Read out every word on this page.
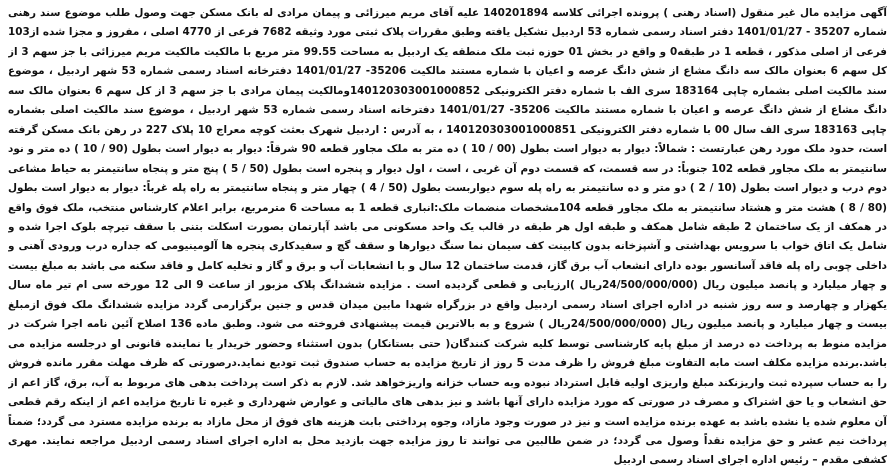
آگهی مزایده مال غیر منقول (اسناد رهنی ) پرونده اجرائی کلاسه 140201894 علیه آقای مریم میرزائی و پیمان مرادی له بانک مسکن جهت وصول طلب موضوع سند رهنی شماره 35207 - 1401/01/27 دفتر اسناد رسمی شماره 53 اردبیل تشکیل یافته وطبق مقررات پلاک ثبتی مورد وثیقه 7682 فرعی از 4770 اصلی ، مفروز و مجزا شده از103 فرعی از اصلی مذکور ، قطعه 1 در طبقه0 و واقع در بخش 01 حوزه ثبت ملک منطقه یک اردبیل به مساحت 99.55 متر مربع با مالکیت مالکیت مریم میرزائی با جز سهم 3 از کل سهم 6 بعنوان مالک سه دانگ مشاع از شش دانگ عرصه و اعیان با شماره مستند مالکیت 35206- 1401/01/27 دفترخانه اسناد رسمی شماره 53 شهر اردبیل ، موضوع سند مالکیت اصلی بشماره چاپی 183164 سری الف با شماره دفتر الکترونیکی 140120303001000852ومالکیت پیمان مرادی با جز سهم 3 از کل سهم 6 بعنوان مالک سه دانگ مشاع از شش دانگ عرصه و اعیان با شماره مستند مالکیت 35206- 1401/01/27 دفترخانه اسناد رسمی شماره 53 شهر اردبیل ، موضوع سند مالکیت اصلی بشماره چاپی 183163 سری الف سال 00 با شماره دفتر الکترونیکی 140120303001000851 ، به آدرس : اردبیل شهرک بعثت کوچه معراج 10 پلاک 227 در رهن بانک مسکن گرفته است، حدود ملک مورد رهن عبارتست : شمالاً: دیوار به دیوار است بطول (00 / 10 ) ده متر به ملک مجاور قطعه 90 شرقاً: دیوار به دیوار است بطول (90 / 10 ) ده متر و نود سانتیمتر به ملک مجاور قطعه 102 جنوباً: در سه قسمت، که قسمت دوم آن غربی ، است ، اول دیوار و پنجره است بطول (50 / 5 ) پنج متر و پنجاه سانتیمتر به حیاط مشاعی دوم درب و دیوار است بطول (10 / 2 ) دو متر و ده سانتیمتر به راه پله سوم دیواربست بطول (50 / 4 ) چهار متر و پنجاه سانتیمتر به راه پله غرباً: دیوار به دیوار است بطول (80 / 8 ) هشت متر و هشتاد سانتیمتر به ملک مجاور قطعه 104مشخصات منضمات ملک:انباری قطعه 1 به مساحت 6 مترمربع، برابر اعلام کارشناس منتخب، ملک فوق واقع در همکف از یک ساختمان 2 طبقه شامل همکف و طبقه اول هر طبقه در قالب یک واحد مسکونی می باشد آپارتمان بصورت اسکلت بتنی با سقف تیرچه بلوک اجرا شده و شامل یک اتاق خواب با سرویس بهداشتی و آشپزخانه بدون کابینت کف سیمان نما سنگ دیوارها و سقف گچ و سفیدکاری پنجره ها آلومینیومی که جداره درب ورودی آهنی و داخلی چوبی راه پله فاقد آسانسور بوده دارای انشعاب آب برق گاز، قدمت ساختمان 12 سال و با انشعابات آب و برق و گاز و تخلیه کامل و فاقد سکنه می باشد به مبلغ بیست و چهار میلیارد و پانصد میلیون ریال (24/500/000/000ریال )ارزیابی و قطعی گردیده است . مزایده ششدانگ پلاک مزبور از ساعت 9 الی 12 مورخه سی ام تیر ماه سال یکهزار و چهارصد و سه روز شنبه در اداره اجرای اسناد رسمی اردبیل واقع در بزرگراه شهدا مابین میدان قدس و جنین برگزارمی گردد مزایده ششدانگ ملک فوق ازمبلغ بیست و چهار میلیارد و پانصد میلیون ریال (24/500/000/000ریال ) شروع و به بالاترین قیمت پیشنهادی فروخته می شود. وطبق ماده 136 اصلاح آئین نامه اجرا شرکت در مزایده منوط به پرداخت ده درصد از مبلغ پایه کارشناسی توسط کلیه شرکت کنندگان( حتی بستانکار) بدون استثناء وحضور خریدار یا نماینده قانونی او درجلسه مزایده می باشد.برنده مزایده مکلف است مابه التفاوت مبلغ فروش را ظرف مدت 5 روز از تاریخ مزایده به حساب صندوق ثبت تودیع نماید.درصورتی که ظرف مهلت مقرر مانده فروش را به حساب سپرده ثبت واریزنکند مبلغ واریزی اولیه قابل استرداد نبوده وبه حساب خزانه واریزخواهد شد. لازم به ذکر است پرداخت بدهی های مربوط به آب، برق، گاز اعم از حق انشعاب و یا حق اشتراک و مصرف در صورتی که مورد مزایده دارای آنها باشد و نیز بدهی های مالیاتی و عوارض شهرداری و غیره تا تاریخ مزایده اعم از اینکه رقم قطعی آن معلوم شده یا نشده باشد به عهده برنده مزایده است و نیز در صورت وجود مازاد، وجوه پرداختی بابت هزینه های فوق از محل مازاد به برنده مزایده مسترد می گردد؛ ضمناً پرداخت نیم عشر و حق مزایده نقداً وصول می گردد؛ در ضمن طالبین می توانند تا روز مزایده جهت بازدید محل به اداره اجرای اسناد رسمی اردبیل مراجعه نمایند. مهری کشفی مقدم – رئیس اداره اجرای اسناد رسمی اردبیل
